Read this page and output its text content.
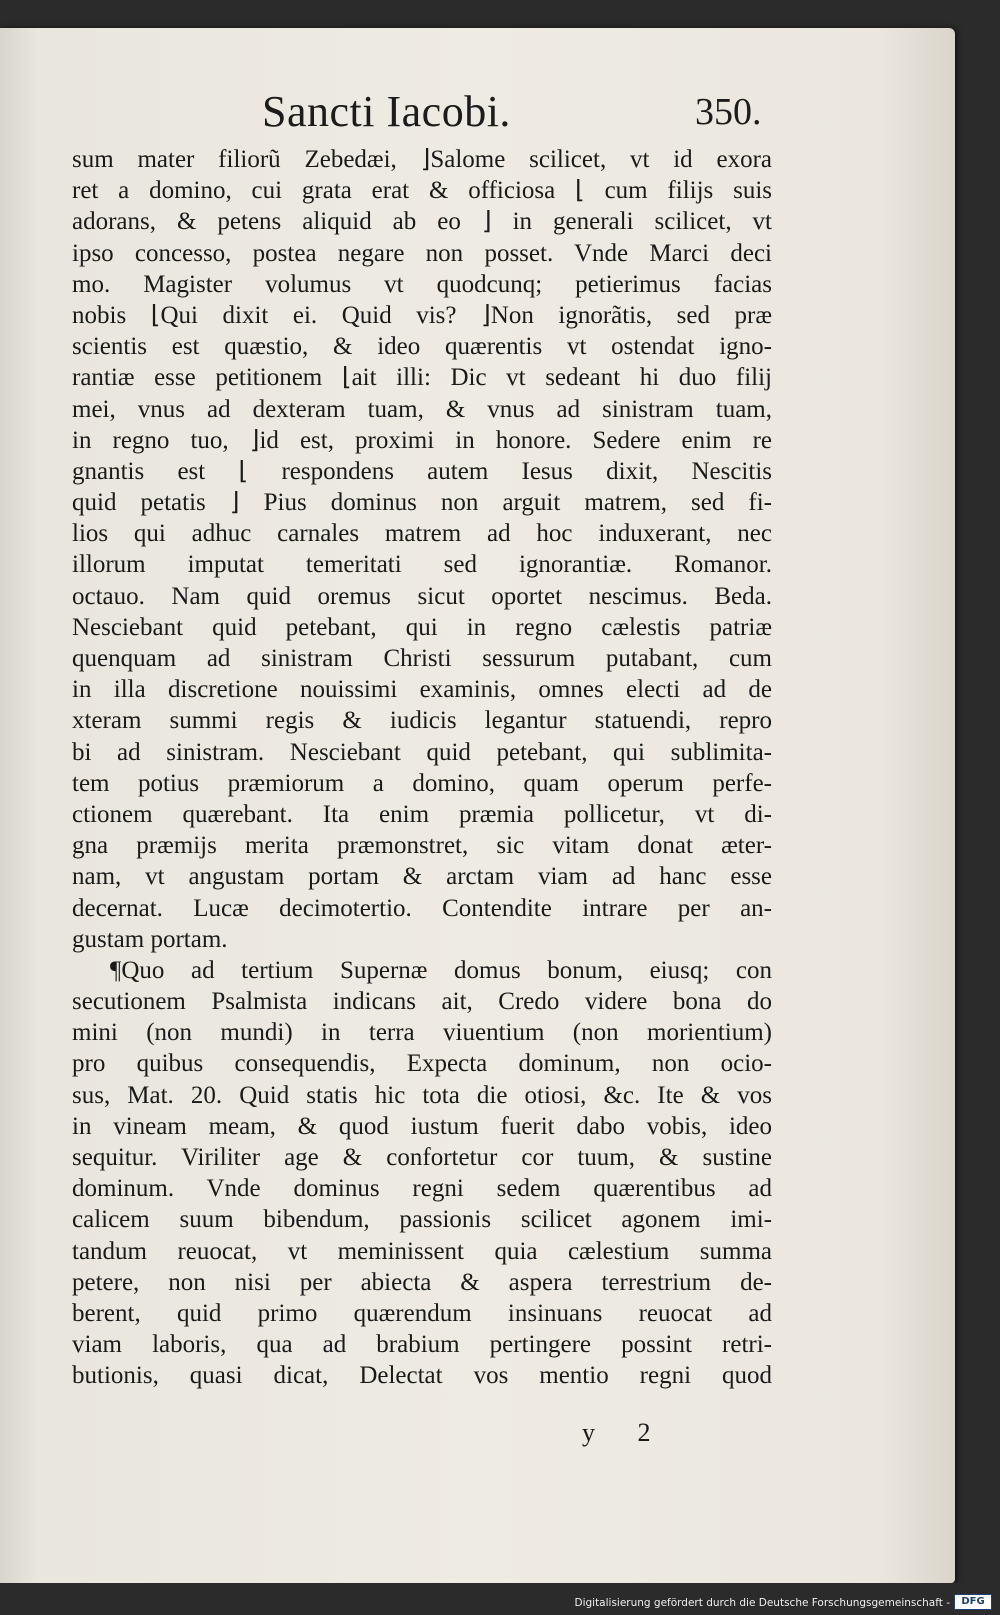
Sancti Iacobi.	350.
sum mater filiorũ Zebedæi, ⌋Salome scilicet, vt id exora
ret a domino, cui grata erat & officiosa ⌊ cum filijs suis
adorans, & petens aliquid ab eo ⌋ in generali scilicet, vt
ipso concesso, postea negare non posset. Vnde Marci deci
mo. Magister volumus vt quodcunq; petierimus facias
nobis ⌊Qui dixit ei. Quid vis? ⌋Non ignorãtis, sed præ
scientis est quæstio, & ideo quærentis vt ostendat igno-
rantiæ esse petitionem ⌊ait illi: Dic vt sedeant hi duo filij
mei, vnus ad dexteram tuam, & vnus ad sinistram tuam,
in regno tuo, ⌋id est, proximi in honore. Sedere enim re
gnantis est ⌊ respondens autem Iesus dixit, Nescitis
quid petatis ⌋ Pius dominus non arguit matrem, sed fi-
lios qui adhuc carnales matrem ad hoc induxerant, nec
illorum imputat temeritati sed ignorantiæ. Romanor.
octauo. Nam quid oremus sicut oportet nescimus. Beda.
Nesciebant quid petebant, qui in regno cælestis patriæ
quenquam ad sinistram Christi sessurum putabant, cum
in illa discretione nouissimi examinis, omnes electi ad de
xteram summi regis & iudicis legantur statuendi, repro
bi ad sinistram. Nesciebant quid petebant, qui sublimita-
tem potius præmiorum a domino, quam operum perfe-
ctionem quærebant. Ita enim præmia pollicetur, vt di-
gna præmijs merita præmonstret, sic vitam donat æter-
nam, vt angustam portam & arctam viam ad hanc esse
decernat. Lucæ decimotertio. Contendite intrare per an-
gustam portam.
¶Quo ad tertium Supernæ domus bonum, eiusq; con
secutionem Psalmista indicans ait, Credo videre bona do
mini (non mundi) in terra viuentium (non morientium)
pro quibus consequendis, Expecta dominum, non ocio-
sus, Mat. 20. Quid statis hic tota die otiosi, &c. Ite & vos
in vineam meam, & quod iustum fuerit dabo vobis, ideo
sequitur. Viriliter age & confortetur cor tuum, & sustine
dominum. Vnde dominus regni sedem quærentibus ad
calicem suum bibendum, passionis scilicet agonem imi-
tandum reuocat, vt meminissent quia cælestium summa
petere, non nisi per abiecta & aspera terrestrium de-
berent, quid primo quærendum insinuans reuocat ad
viam laboris, qua ad brabium pertingere possint retri-
butionis, quasi dicat, Delectat vos mentio regni quod
y 2
Digitalisierung gefördert durch die Deutsche Forschungsgemeinschaft -	DFG
